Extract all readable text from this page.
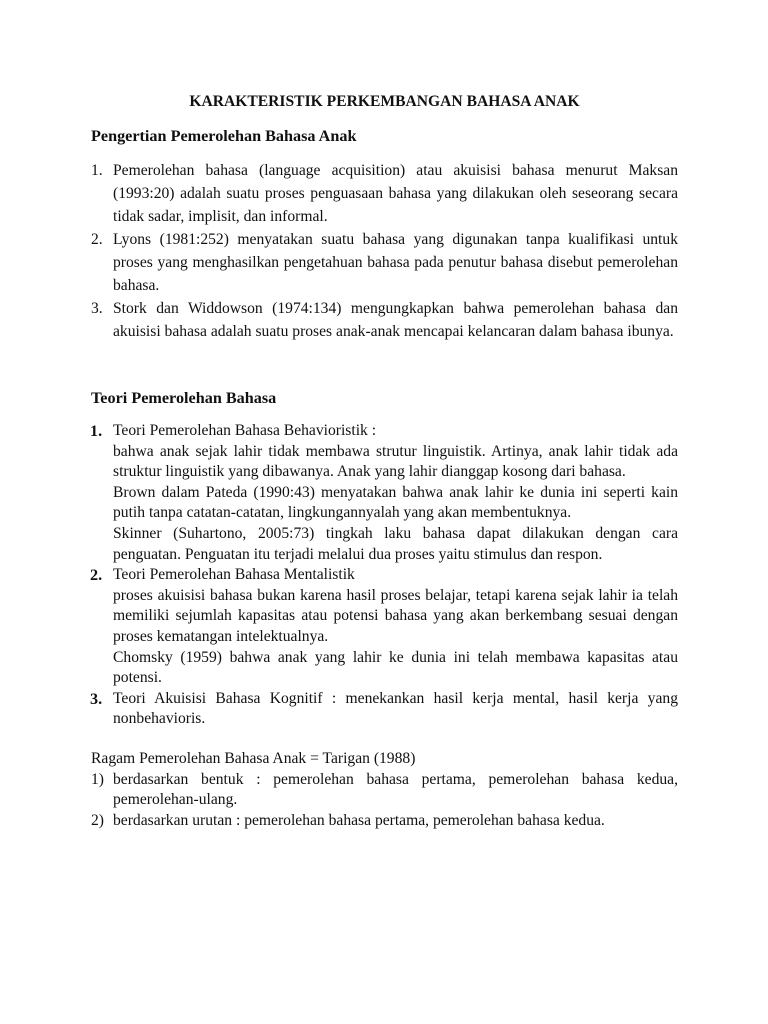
KARAKTERISTIK PERKEMBANGAN BAHASA ANAK
Pengertian Pemerolehan Bahasa Anak
1. Pemerolehan bahasa (language acquisition) atau akuisisi bahasa menurut Maksan (1993:20) adalah suatu proses penguasaan bahasa yang dilakukan oleh seseorang secara tidak sadar, implisit, dan informal.
2. Lyons (1981:252) menyatakan suatu bahasa yang digunakan tanpa kualifikasi untuk proses yang menghasilkan pengetahuan bahasa pada penutur bahasa disebut pemerolehan bahasa.
3. Stork dan Widdowson (1974:134) mengungkapkan bahwa pemerolehan bahasa dan akuisisi bahasa adalah suatu proses anak-anak mencapai kelancaran dalam bahasa ibunya.
Teori Pemerolehan Bahasa
1. Teori Pemerolehan Bahasa Behavioristik :

bahwa anak sejak lahir tidak membawa strutur linguistik. Artinya, anak lahir tidak ada struktur linguistik yang dibawanya. Anak yang lahir dianggap kosong dari bahasa.

Brown dalam Pateda (1990:43) menyatakan bahwa anak lahir ke dunia ini seperti kain putih tanpa catatan-catatan, lingkungannyalah yang akan membentuknya.

Skinner (Suhartono, 2005:73) tingkah laku bahasa dapat dilakukan dengan cara penguatan. Penguatan itu terjadi melalui dua proses yaitu stimulus dan respon.

2. Teori Pemerolehan Bahasa Mentalistik

proses akuisisi bahasa bukan karena hasil proses belajar, tetapi karena sejak lahir ia telah memiliki sejumlah kapasitas atau potensi bahasa yang akan berkembang sesuai dengan proses kematangan intelektualnya.

Chomsky (1959) bahwa anak yang lahir ke dunia ini telah membawa kapasitas atau potensi.

3. Teori Akuisisi Bahasa Kognitif : menekankan hasil kerja mental, hasil kerja yang nonbehavioris.

Ragam Pemerolehan Bahasa Anak = Tarigan (1988)

1) berdasarkan bentuk : pemerolehan bahasa pertama, pemerolehan bahasa kedua, pemerolehan-ulang.
2) berdasarkan urutan : pemerolehan bahasa pertama, pemerolehan bahasa kedua.
